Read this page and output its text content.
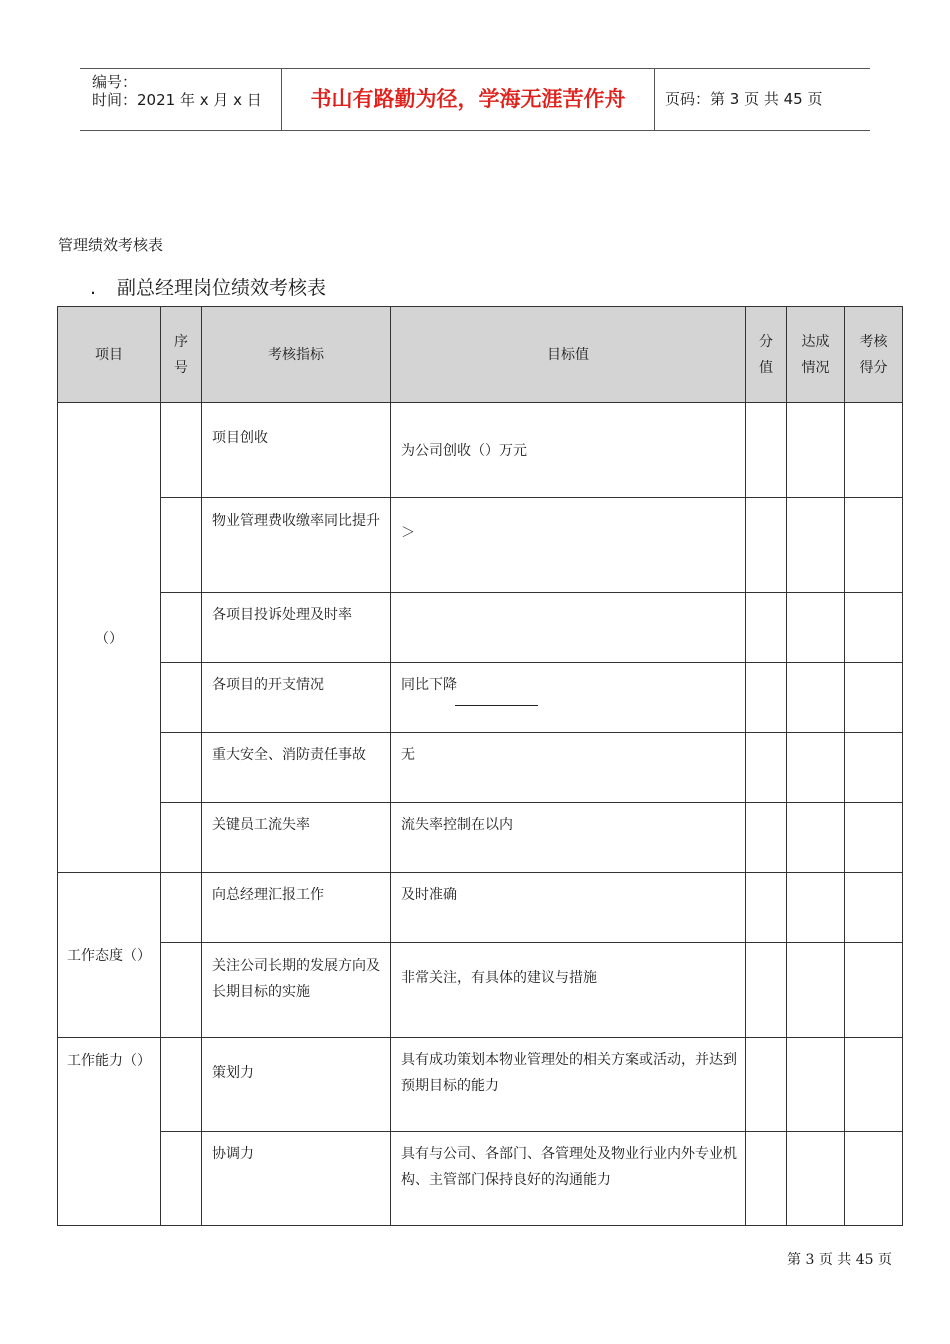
编号：
时间：2021 年 x 月 x 日	书山有路勤为径，学海无涯苦作舟	页码：第 3 页 共 45 页
管理绩效考核表
. 副总经理岗位绩效考核表
项目	序号	考核指标	目标值	分值	达成情况	考核得分

（）		项目创收	为公司创收（）万元			
		物业管理费收缴率同比提升	＞			
		各项目投诉处理及时率				
		各项目的开支情况	同比下降			
		重大安全、消防责任事故	无			
		关键员工流失率	流失率控制在以内			
工作态度（）		向总经理汇报工作	及时准确			
		关注公司长期的发展方向及长期目标的实施	非常关注，有具体的建议与措施			
工作能力（）		策划力	具有成功策划本物业管理处的相关方案或活动，并达到预期目标的能力			
		协调力	具有与公司、各部门、各管理处及物业行业内外专业机构、主管部门保持良好的沟通能力			
第 3 页 共 45 页
